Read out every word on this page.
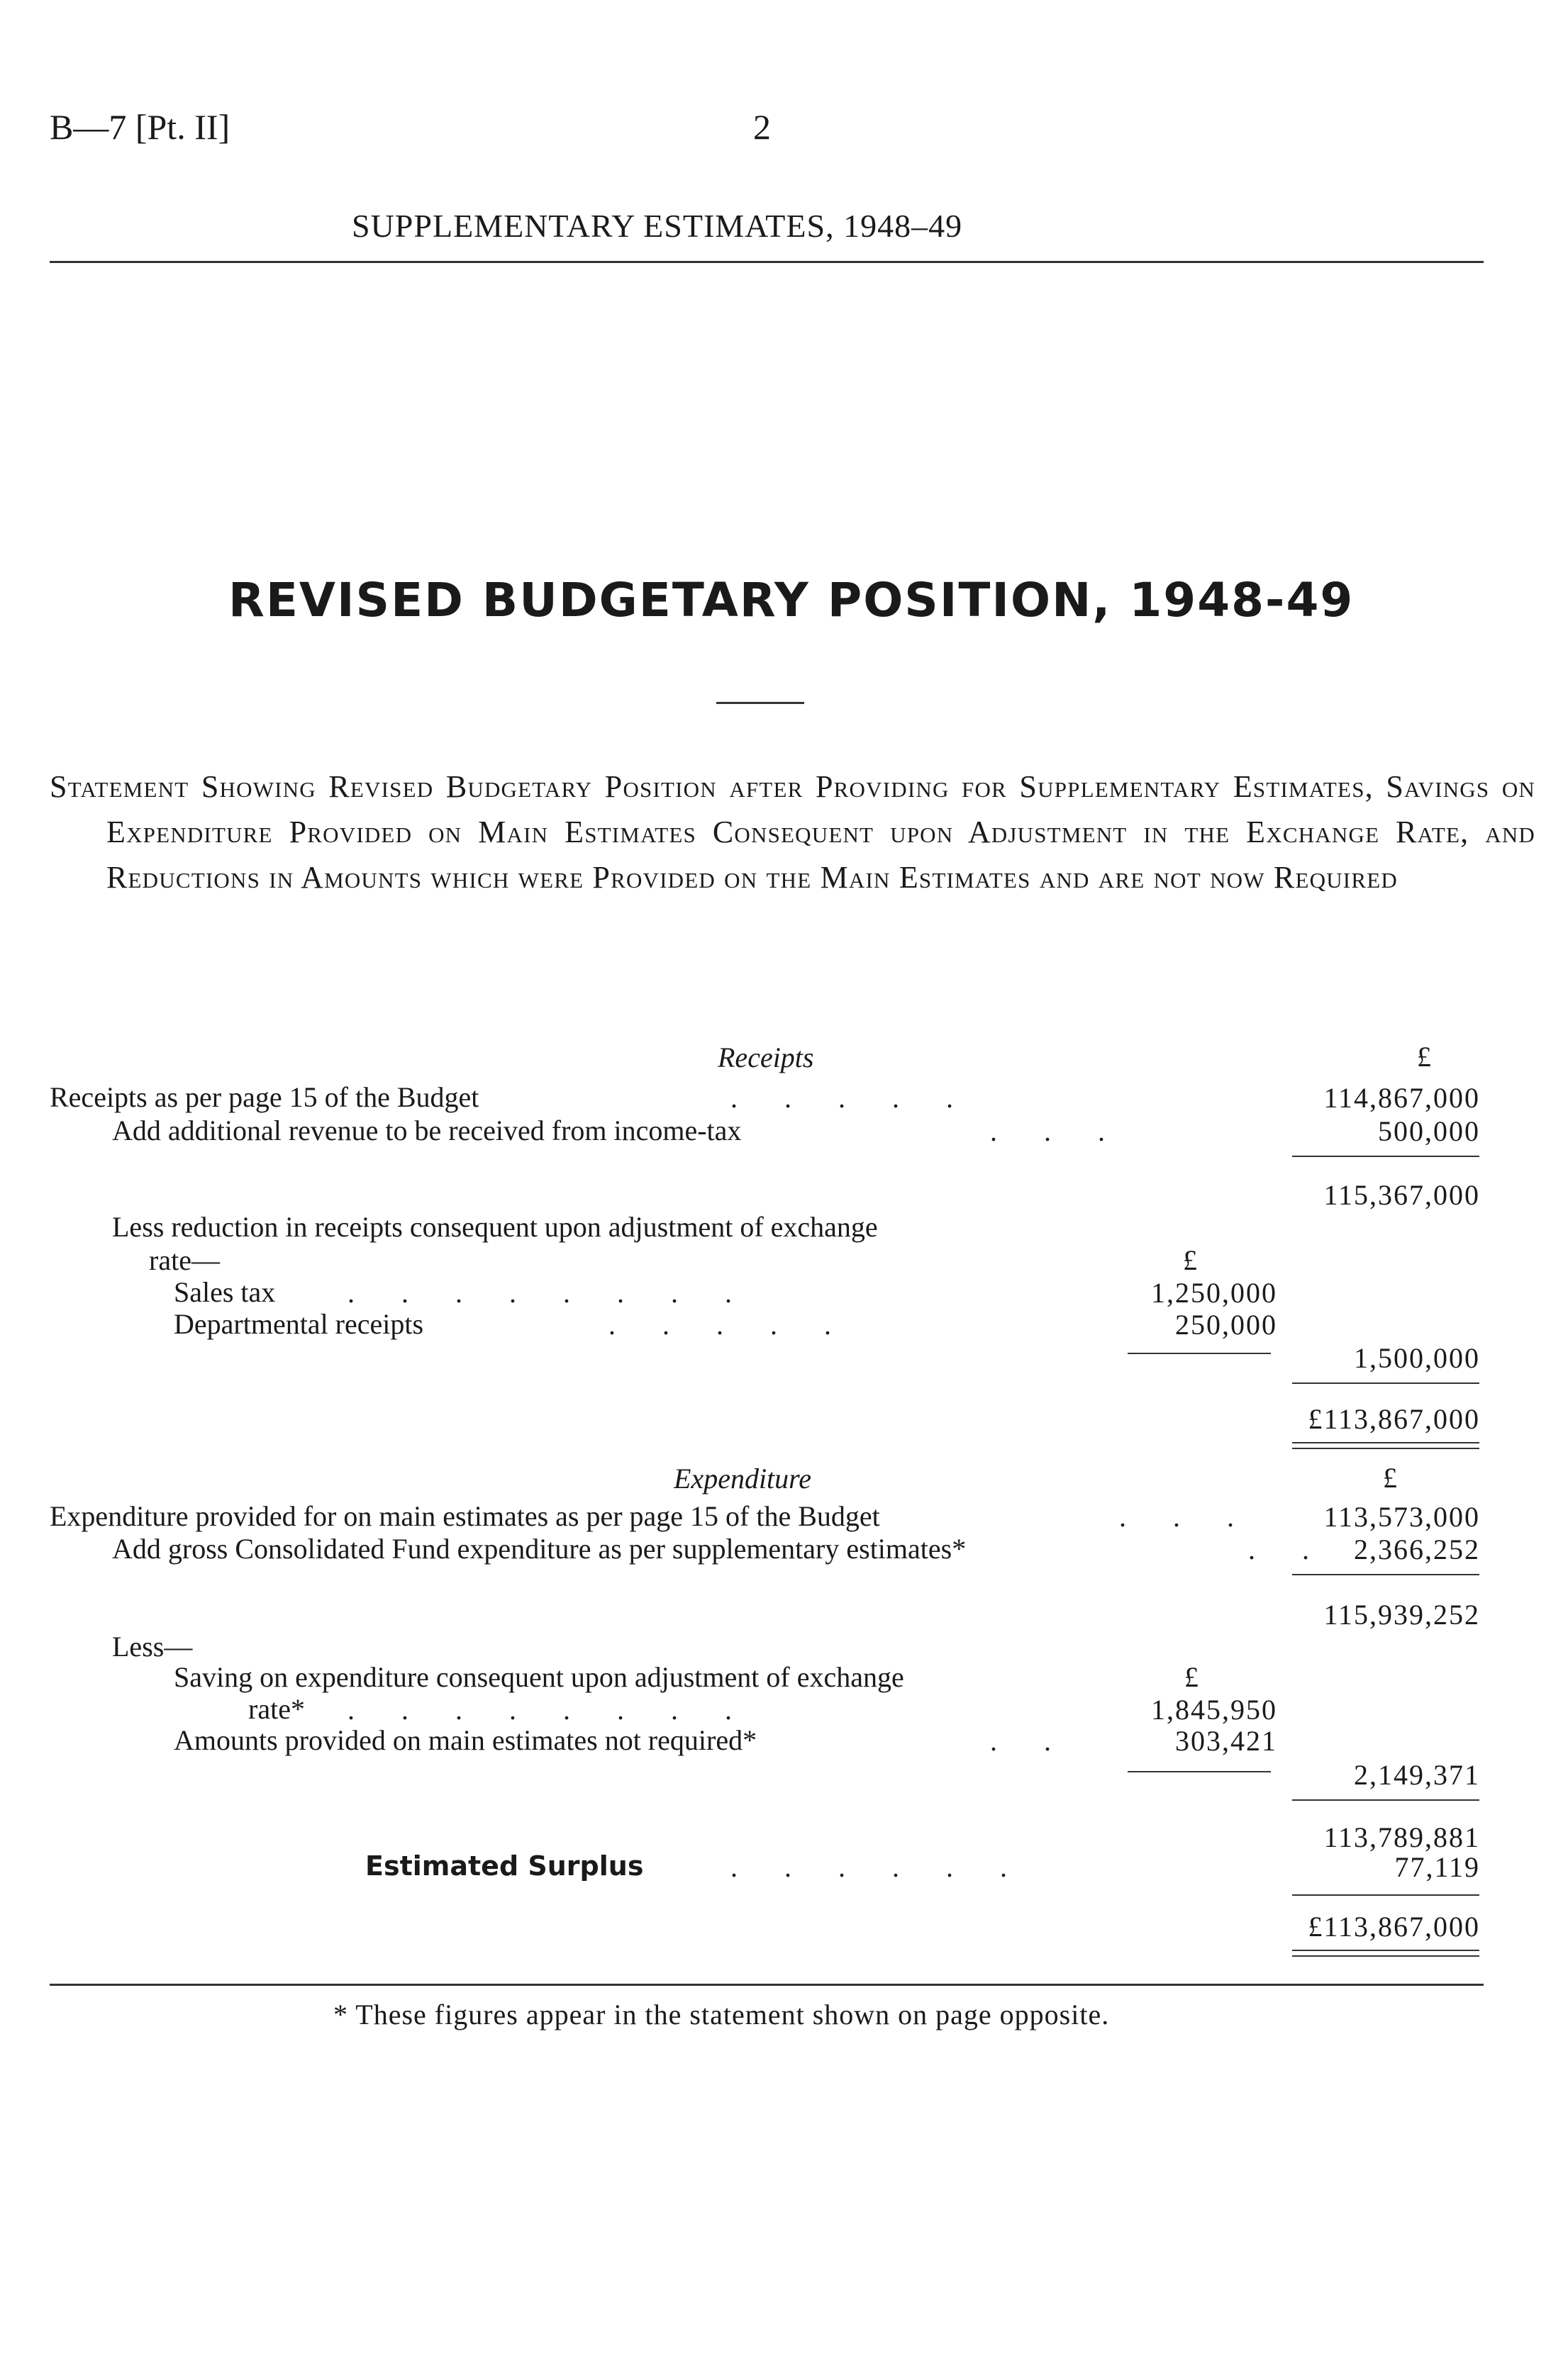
B—7 [Pt. II]	2
SUPPLEMENTARY ESTIMATES, 1948–49
REVISED BUDGETARY POSITION, 1948-49
Statement Showing Revised Budgetary Position after Providing for Supplementary Estimates, Savings on Expenditure Provided on Main Estimates Consequent upon Adjustment in the Exchange Rate, and Reductions in Amounts which were Provided on the Main Estimates and are not now Required
Receipts	£
Receipts as per page 15 of the Budget	. . . . .	114,867,000
Add additional revenue to be received from income-tax	. . .	500,000
115,367,000
Less reduction in receipts consequent upon adjustment of exchange
rate—	£
Sales tax	. . . . . . . .	1,250,000
Departmental receipts	. . . . .	250,000
1,500,000
£113,867,000
Expenditure	£
Expenditure provided for on main estimates as per page 15 of the Budget	. . . 113,573,000
Add gross Consolidated Fund expenditure as per supplementary estimates*	. . 2,366,252
115,939,252
Less—
Saving on expenditure consequent upon adjustment of exchange	£
rate* . . . . . . . .	1,845,950
Amounts provided on main estimates not required*	. .	303,421
2,149,371
113,789,881
Estimated Surplus	. . . . . .	77,119
£113,867,000
* These figures appear in the statement shown on page opposite.
